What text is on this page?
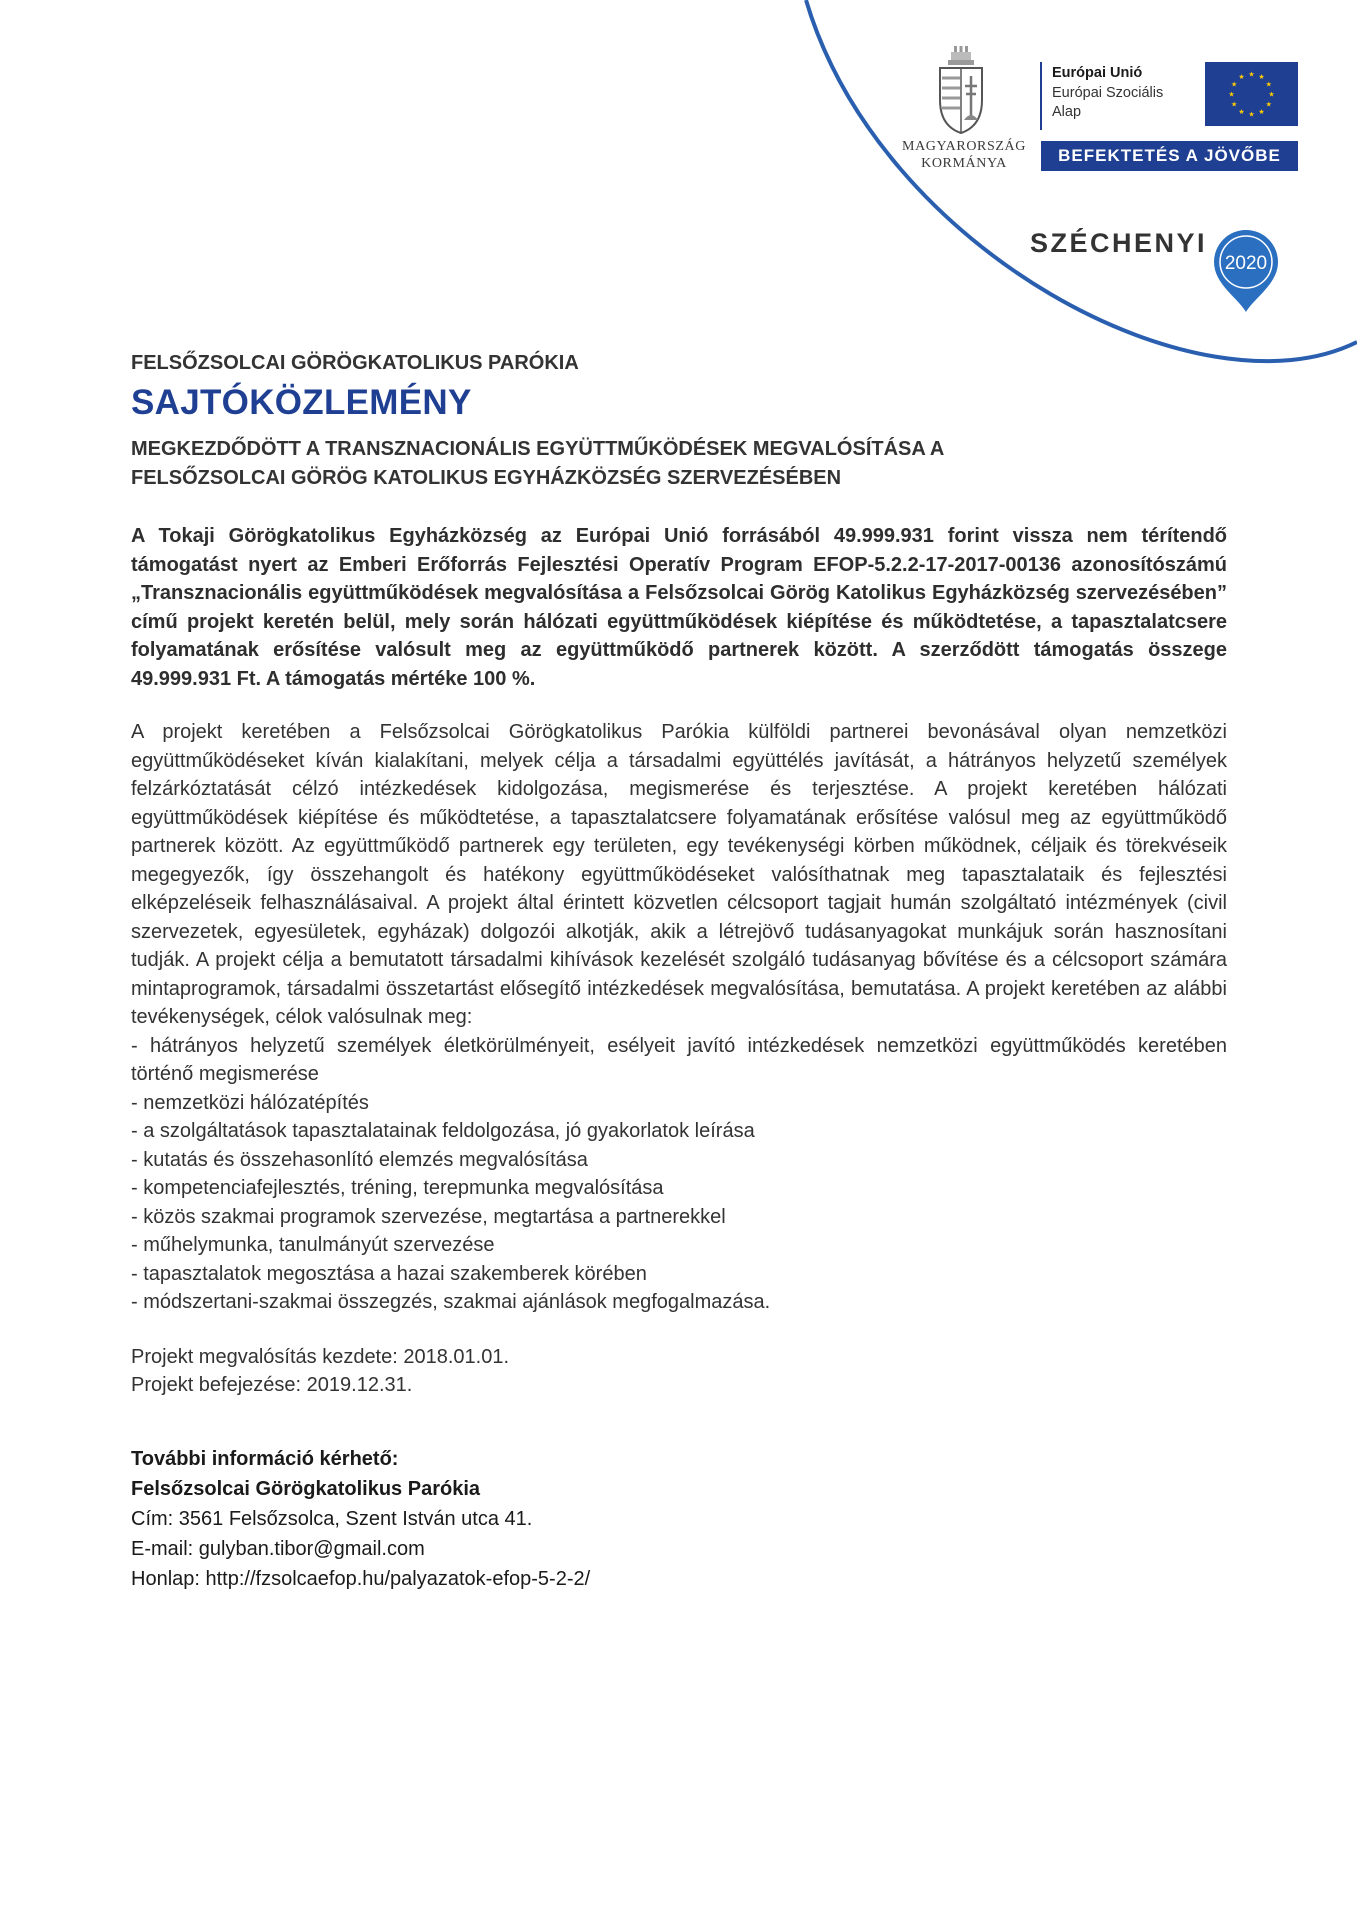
MAGYARORSZÁG
KORMÁNYA
Európai Unió
Európai Szociális
Alap
★ ★
★
★
★
★
★
★
★
★
★
★
BEFEKTETÉS A JÖVŐBE
SZÉCHENYI
2020

FELSŐZSOLCAI GÖRÖGKATOLIKUS PARÓKIA

SAJTÓKÖZLEMÉNY

MEGKEZDŐDÖTT A TRANSZNACIONÁLIS EGYÜTTMŰKÖDÉSEK MEGVALÓSÍTÁSA A
FELSŐZSOLCAI GÖRÖG KATOLIKUS EGYHÁZKÖZSÉG SZERVEZÉSÉBEN

A Tokaji Görögkatolikus Egyházközség az Európai Unió forrásából 49.999.931 forint vissza nem térítendő támogatást nyert az Emberi Erőforrás Fejlesztési Operatív Program EFOP-5.2.2-17-2017-00136 azonosítószámú „Transznacionális együttműködések megvalósítása a Felsőzsolcai Görög Katolikus Egyházközség szervezésében” című projekt keretén belül, mely során hálózati együttműködések kiépítése és működtetése, a tapasztalatcsere folyamatának erősítése valósult meg az együttműködő partnerek között. A szerződött támogatás összege 49.999.931 Ft. A támogatás mértéke 100 %.

A projekt keretében a Felsőzsolcai Görögkatolikus Parókia külföldi partnerei bevonásával olyan nemzetközi együttműködéseket kíván kialakítani, melyek célja a társadalmi együttélés javítását, a hátrányos helyzetű személyek felzárkóztatását célzó intézkedések kidolgozása, megismerése és terjesztése. A projekt keretében hálózati együttműködések kiépítése és működtetése, a tapasztalatcsere folyamatának erősítése valósul meg az együttműködő partnerek között. Az együttműködő partnerek egy területen, egy tevékenységi körben működnek, céljaik és törekvéseik megegyezők, így összehangolt és hatékony együttműködéseket valósíthatnak meg tapasztalataik és fejlesztési elképzeléseik felhasználásaival. A projekt által érintett közvetlen célcsoport tagjait humán szolgáltató intézmények (civil szervezetek, egyesületek, egyházak) dolgozói alkotják, akik a létrejövő tudásanyagokat munkájuk során hasznosítani tudják. A projekt célja a bemutatott társadalmi kihívások kezelését szolgáló tudásanyag bővítése és a célcsoport számára mintaprogramok, társadalmi összetartást elősegítő intézkedések megvalósítása, bemutatása. A projekt keretében az alábbi tevékenységek, célok valósulnak meg:

- hátrányos helyzetű személyek életkörülményeit, esélyeit javító intézkedések nemzetközi együttműködés keretében történő megismerése
- nemzetközi hálózatépítés
- a szolgáltatások tapasztalatainak feldolgozása, jó gyakorlatok leírása
- kutatás és összehasonlító elemzés megvalósítása
- kompetenciafejlesztés, tréning, terepmunka megvalósítása
- közös szakmai programok szervezése, megtartása a partnerekkel
- műhelymunka, tanulmányút szervezése
- tapasztalatok megosztása a hazai szakemberek körében
- módszertani-szakmai összegzés, szakmai ajánlások megfogalmazása.

Projekt megvalósítás kezdete: 2018.01.01.
Projekt befejezése: 2019.12.31.

További információ kérhető:
Felsőzsolcai Görögkatolikus Parókia
Cím: 3561 Felsőzsolca, Szent István utca 41.
E-mail: gulyban.tibor@gmail.com
Honlap: http://fzsolcaefop.hu/palyazatok-efop-5-2-2/
